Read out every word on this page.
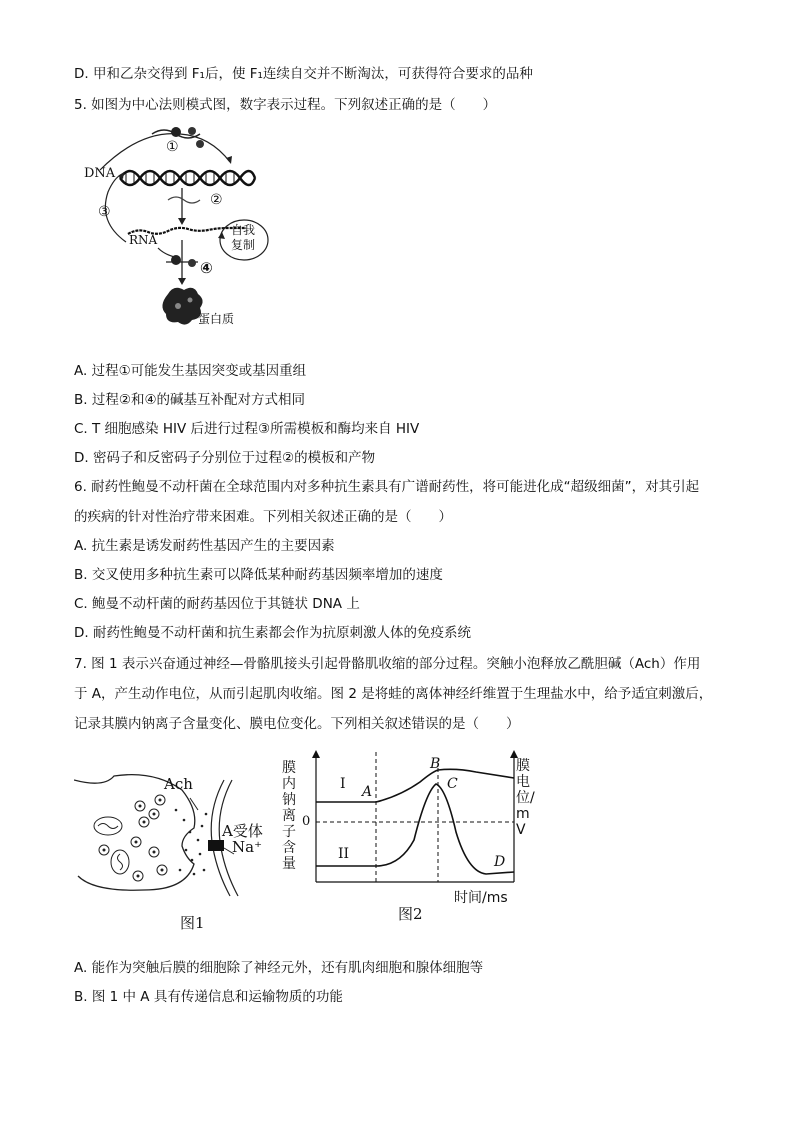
D. 甲和乙杂交得到 F₁后，使 F₁连续自交并不断淘汰，可获得符合要求的品种
5. 如图为中心法则模式图，数字表示过程。下列叙述正确的是（　　）
DNA
①
②
③
④
RNA
自我
复制
蛋白质
A. 过程①可能发生基因突变或基因重组
B. 过程②和④的碱基互补配对方式相同
C. T 细胞感染 HIV 后进行过程③所需模板和酶均来自 HIV
D. 密码子和反密码子分别位于过程②的模板和产物
6. 耐药性鲍曼不动杆菌在全球范围内对多种抗生素具有广谱耐药性，将可能进化成“超级细菌”，对其引起
的疾病的针对性治疗带来困难。下列相关叙述正确的是（　　）
A. 抗生素是诱发耐药性基因产生的主要因素
B. 交叉使用多种抗生素可以降低某种耐药基因频率增加的速度
C. 鲍曼不动杆菌的耐药基因位于其链状 DNA 上
D. 耐药性鲍曼不动杆菌和抗生素都会作为抗原刺激人体的免疫系统
7. 图 1 表示兴奋通过神经—骨骼肌接头引起骨骼肌收缩的部分过程。突触小泡释放乙酰胆碱（Ach）作用
于 A，产生动作电位，从而引起肌肉收缩。图 2 是将蛙的离体神经纤维置于生理盐水中，给予适宜刺激后，
记录其膜内钠离子含量变化、膜电位变化。下列相关叙述错误的是（　　）
Ach
A受体
Na⁺
图1
膜内钠离子含量
膜电位/mV
0
I
II
A
B
C
D
时间/ms
图2
A. 能作为突触后膜的细胞除了神经元外，还有肌肉细胞和腺体细胞等
B. 图 1 中 A 具有传递信息和运输物质的功能
